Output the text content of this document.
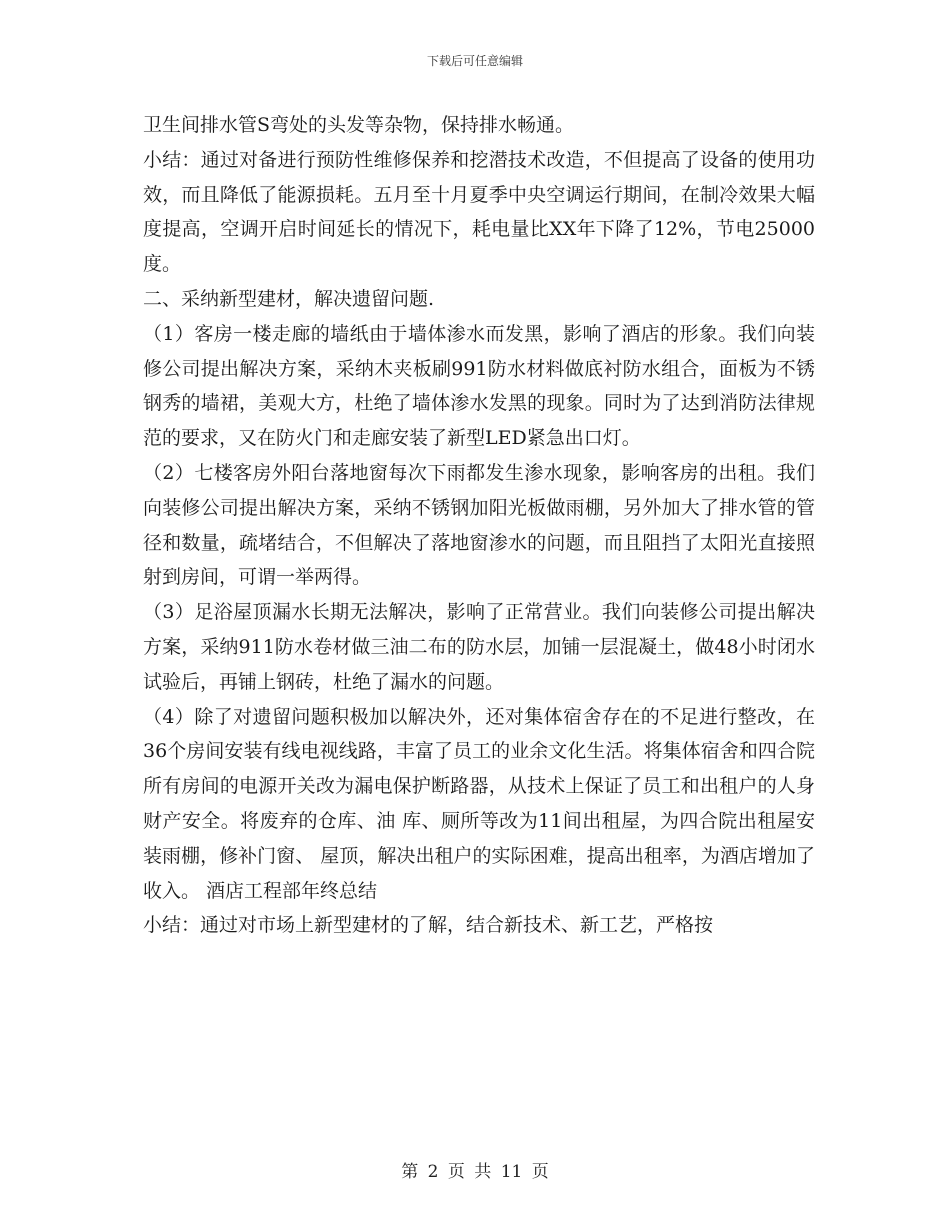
下载后可任意编辑

卫生间排水管S弯处的头发等杂物，保持排水畅通。

小结：通过对备进行预防性维修保养和挖潜技术改造，不但提高了设备的使用功效，而且降低了能源损耗。五月至十月夏季中央空调运行期间，在制冷效果大幅度提高，空调开启时间延长的情况下，耗电量比XX年下降了12%，节电25000度。

二、采纳新型建材，解决遗留问题.

（1）客房一楼走廊的墙纸由于墙体渗水而发黑，影响了酒店的形象。我们向装修公司提出解决方案，采纳木夹板刷991防水材料做底衬防水组合，面板为不锈钢秀的墙裙，美观大方，杜绝了墙体渗水发黑的现象。同时为了达到消防法律规范的要求，又在防火门和走廊安装了新型LED紧急出口灯。

（2）七楼客房外阳台落地窗每次下雨都发生渗水现象，影响客房的出租。我们向装修公司提出解决方案，采纳不锈钢加阳光板做雨棚，另外加大了排水管的管径和数量，疏堵结合，不但解决了落地窗渗水的问题，而且阻挡了太阳光直接照射到房间，可谓一举两得。

（3）足浴屋顶漏水长期无法解决，影响了正常营业。我们向装修公司提出解决方案，采纳911防水卷材做三油二布的防水层，加铺一层混凝土，做48小时闭水试验后，再铺上钢砖，杜绝了漏水的问题。

（4）除了对遗留问题积极加以解决外，还对集体宿舍存在的不足进行整改，在36个房间安装有线电视线路，丰富了员工的业余文化生活。将集体宿舍和四合院所有房间的电源开关改为漏电保护断路器，从技术上保证了员工和出租户的人身财产安全。将废弃的仓库、油 库、厕所等改为11间出租屋，为四合院出租屋安装雨棚，修补门窗、 屋顶，解决出租户的实际困难，提高出租率，为酒店增加了收入。 酒店工程部年终总结

小结：通过对市场上新型建材的了解，结合新技术、新工艺，严格按

第 2 页 共 11 页
